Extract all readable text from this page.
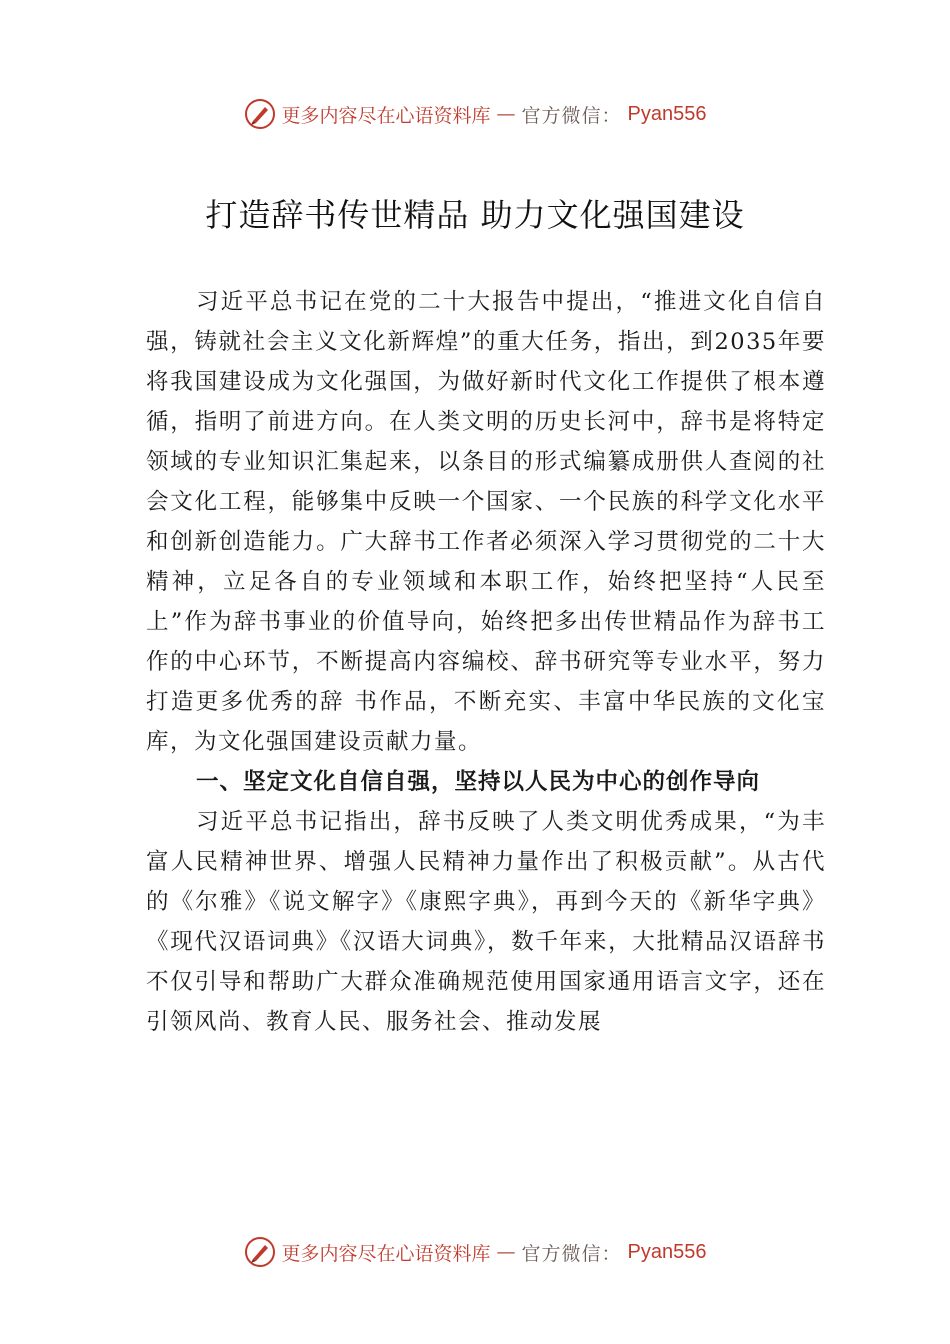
更多内容尽在心语资料库 — 官方微信： Pyan556
打造辞书传世精品 助力文化强国建设

习近平总书记在党的二十大报告中提出，“推进文化自信自强，铸就社会主义文化新辉煌”的重大任务，指出，到2035年要将我国建设成为文化强国，为做好新时代文化工作提供了根本遵循，指明了前进方向。在人类文明的历史长河中，辞书是将特定领域的专业知识汇集起来，以条目的形式编纂成册供人查阅的社会文化工程，能够集中反映一个国家、一个民族的科学文化水平和创新创造能力。广大辞书工作者必须深入学习贯彻党的二十大精神，立足各自的专业领域和本职工作，始终把坚持“人民至上”作为辞书事业的价值导向，始终把多出传世精品作为辞书工作的中心环节，不断提高内容编校、辞书研究等专业水平，努力打造更多优秀的辞 书作品，不断充实、丰富中华民族的文化宝库，为文化强国建设贡献力量。

一、坚定文化自信自强，坚持以人民为中心的创作导向

习近平总书记指出，辞书反映了人类文明优秀成果，“为丰富人民精神世界、增强人民精神力量作出了积极贡献”。从古代的《尔雅》《说文解字》《康熙字典》，再到今天的《新华字典》《现代汉语词典》《汉语大词典》，数千年来，大批精品汉语辞书不仅引导和帮助广大群众准确规范使用国家通用语言文字，还在引领风尚、教育人民、服务社会、推动发展

更多内容尽在心语资料库 — 官方微信： Pyan556
